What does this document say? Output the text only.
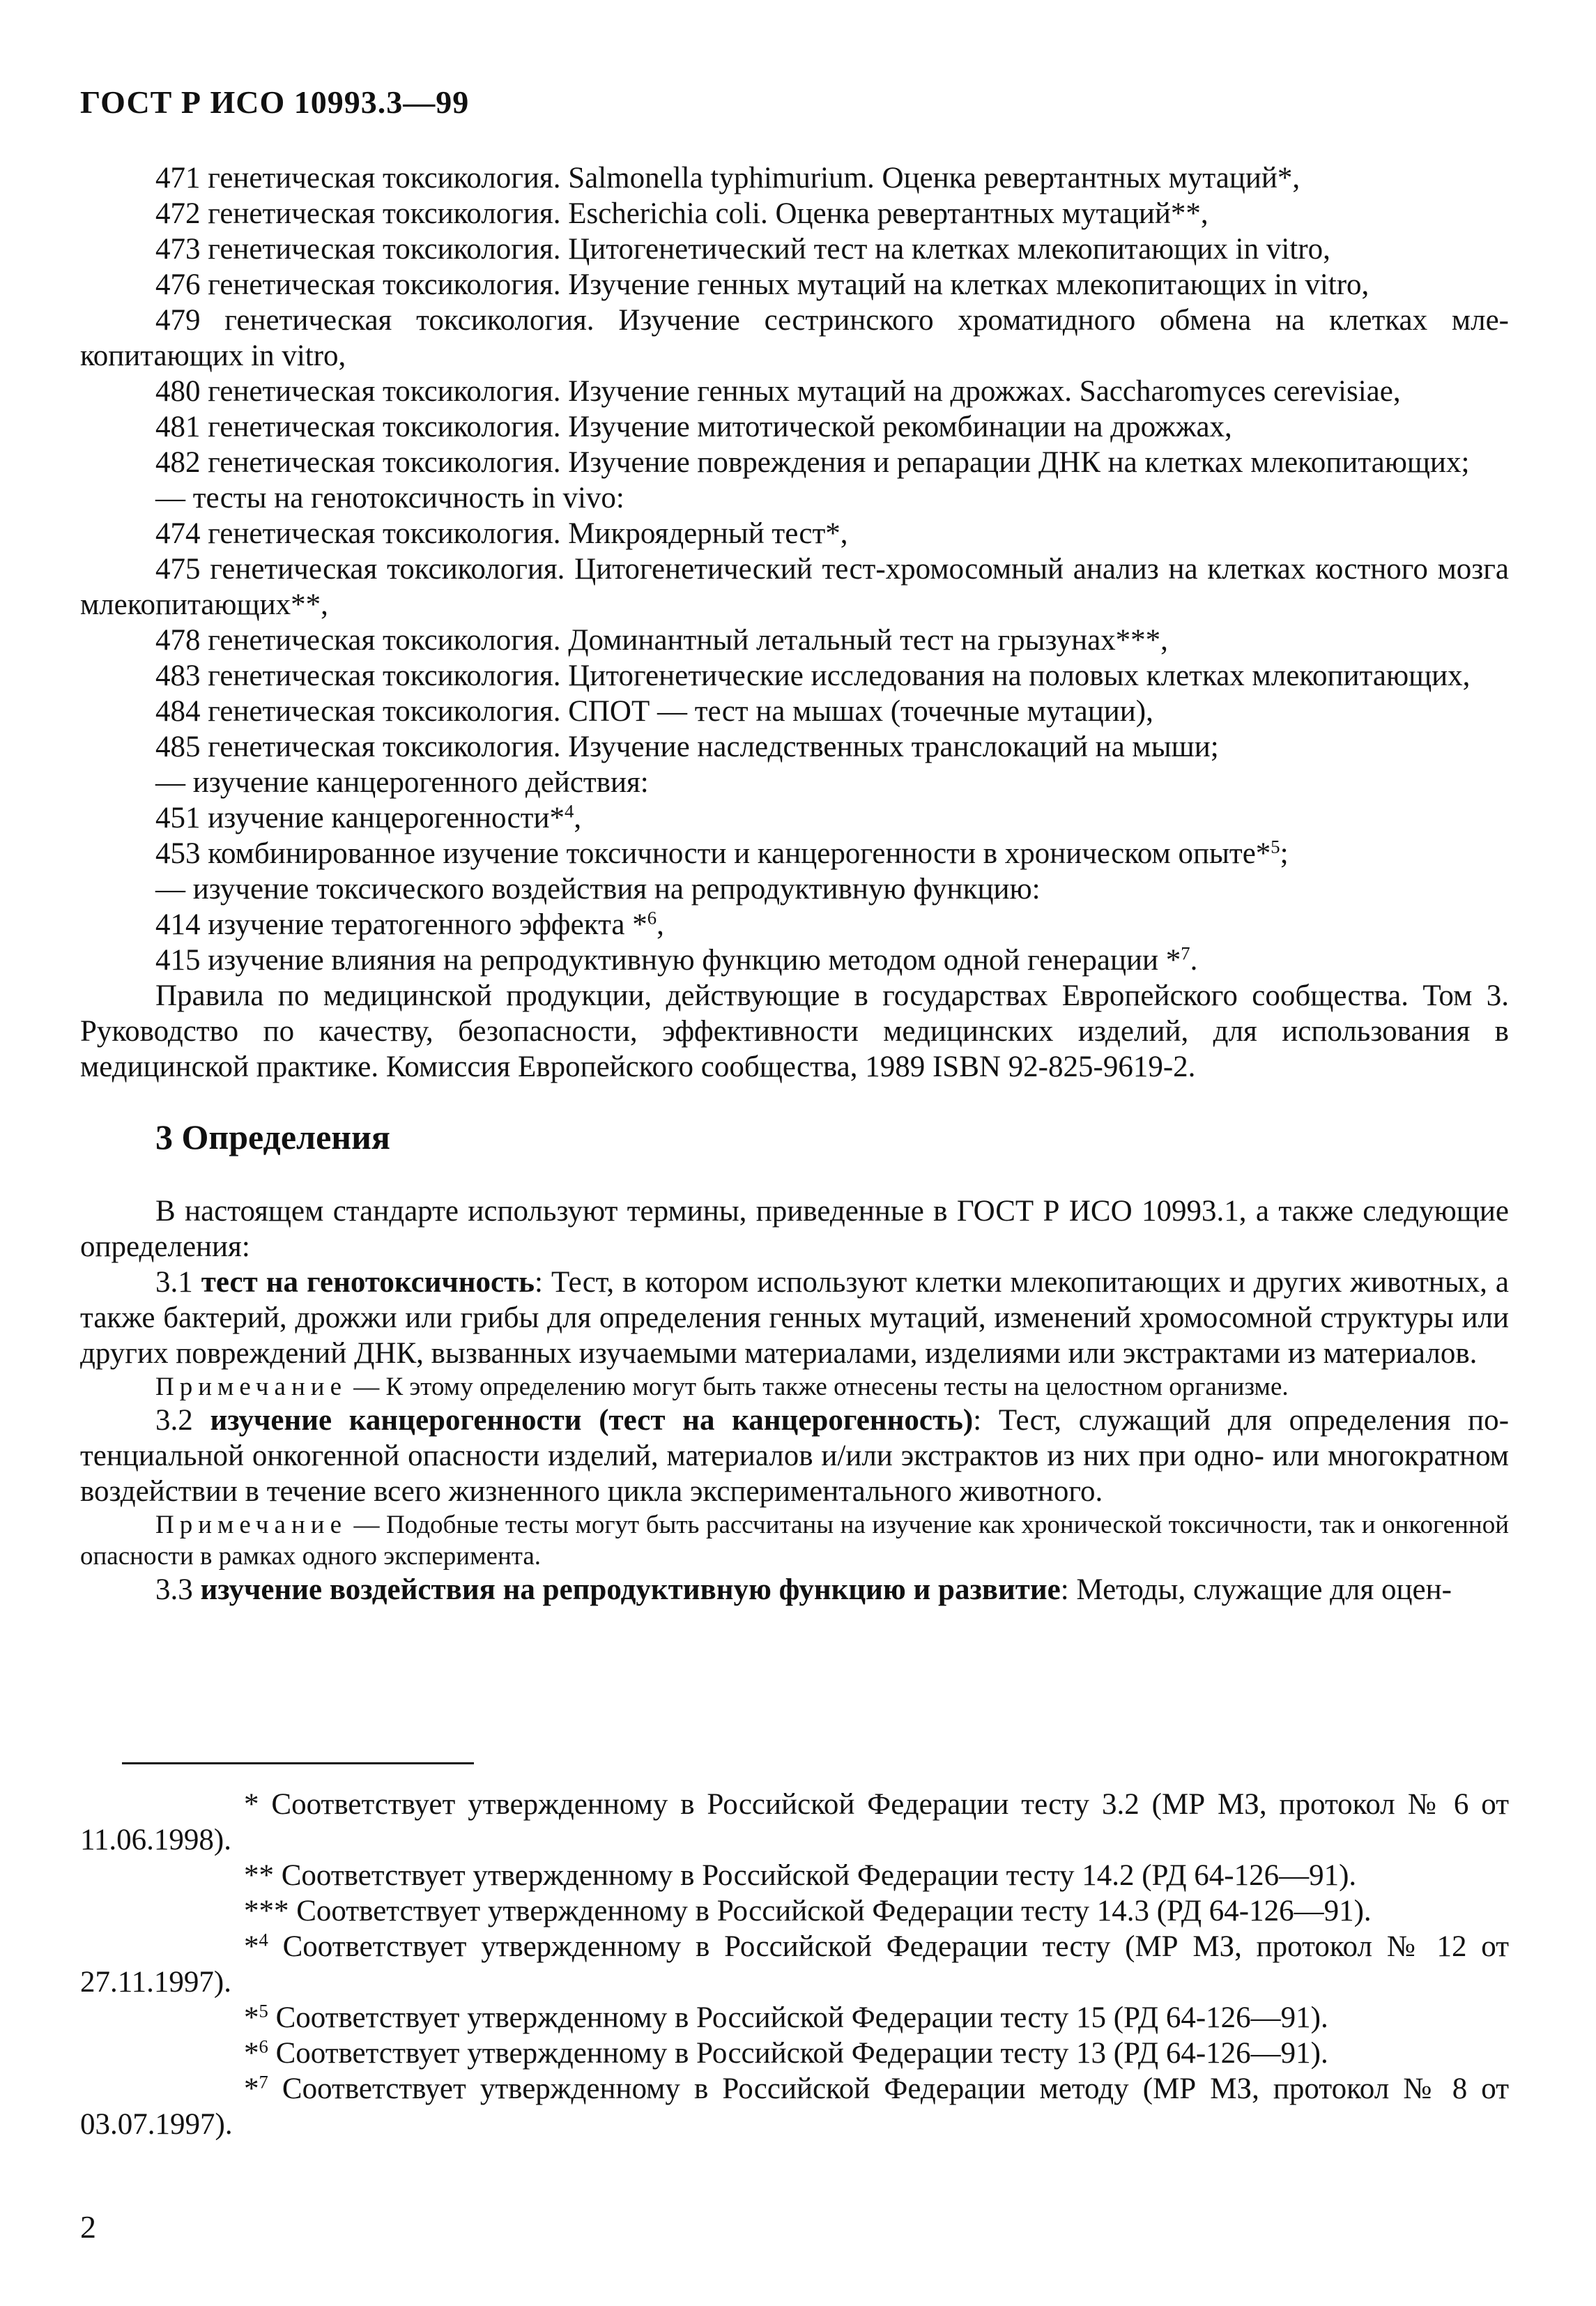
ГОСТ Р ИСО 10993.3—99

471 генетическая токсикология. Salmonella typhimurium. Оценка ревертантных мутаций*,

472 генетическая токсикология. Escherichia coli. Оценка ревертантных мутаций**,

473 генетическая токсикология. Цитогенетический тест на клетках млекопитающих in vitro,

476 генетическая токсикология. Изучение генных мутаций на клетках млекопитающих in vitro,

479 генетическая токсикология. Изучение сестринского хроматидного обмена на клетках млекопитающих in vitro,

480 генетическая токсикология. Изучение генных мутаций на дрожжах. Saccharomyces cerevisiae,

481 генетическая токсикология. Изучение митотической рекомбинации на дрожжах,

482 генетическая токсикология. Изучение повреждения и репарации ДНК на клетках млекопитающих;

— тесты на генотоксичность in vivo:

474 генетическая токсикология. Микроядерный тест*,

475 генетическая токсикология. Цитогенетический тест-хромосомный анализ на клетках костного мозга млекопитающих**,

478 генетическая токсикология. Доминантный летальный тест на грызунах***,

483 генетическая токсикология. Цитогенетические исследования на половых клетках млекопитающих,

484 генетическая токсикология. СПОТ — тест на мышах (точечные мутации),

485 генетическая токсикология. Изучение наследственных транслокаций на мыши;

— изучение канцерогенного действия:

451 изучение канцерогенности*$^4$,

453 комбинированное изучение токсичности и канцерогенности в хроническом опыте*$^5$;

— изучение токсического воздействия на репродуктивную функцию:

414 изучение тератогенного эффекта *$^6$,

415 изучение влияния на репродуктивную функцию методом одной генерации *$^7$.

Правила по медицинской продукции, действующие в государствах Европейского сообщества. Том 3. Руководство по качеству, безопасности, эффективности медицинских изделий, для использования в медицинской практике. Комиссия Европейского сообщества, 1989 ISBN 92-825-9619-2.

3 Определения

В настоящем стандарте используют термины, приведенные в ГОСТ Р ИСО 10993.1, а также следующие определения:

3.1 тест на генотоксичность: Тест, в котором используют клетки млекопитающих и других животных, а также бактерий, дрожжи или грибы для определения генных мутаций, изменений хромосомной структуры или других повреждений ДНК, вызванных изучаемыми материалами, изделиями или экстрактами из материалов.

Примечание — К этому определению могут быть также отнесены тесты на целостном организме.

3.2 изучение канцерогенности (тест на канцерогенность): Тест, служащий для определения потенциальной онкогенной опасности изделий, материалов и/или экстрактов из них при одно- или многократном воздействии в течение всего жизненного цикла экспериментального животного.

Примечание — Подобные тесты могут быть рассчитаны на изучение как хронической токсичности, так и онкогенной опасности в рамках одного эксперимента.

3.3 изучение воздействия на репродуктивную функцию и развитие: Методы, служащие для оцен-

* Соответствует утвержденному в Российской Федерации тесту 3.2 (МР МЗ, протокол № 6 от 11.06.1998).

** Соответствует утвержденному в Российской Федерации тесту 14.2 (РД 64-126—91).

*** Соответствует утвержденному в Российской Федерации тесту 14.3 (РД 64-126—91).

*$^4$ Соответствует утвержденному в Российской Федерации тесту (МР МЗ, протокол № 12 от 27.11.1997).

*$^5$ Соответствует утвержденному в Российской Федерации тесту 15 (РД 64-126—91).

*$^6$ Соответствует утвержденному в Российской Федерации тесту 13 (РД 64-126—91).

*$^7$ Соответствует утвержденному в Российской Федерации методу (МР МЗ, протокол № 8 от 03.07.1997).

2
